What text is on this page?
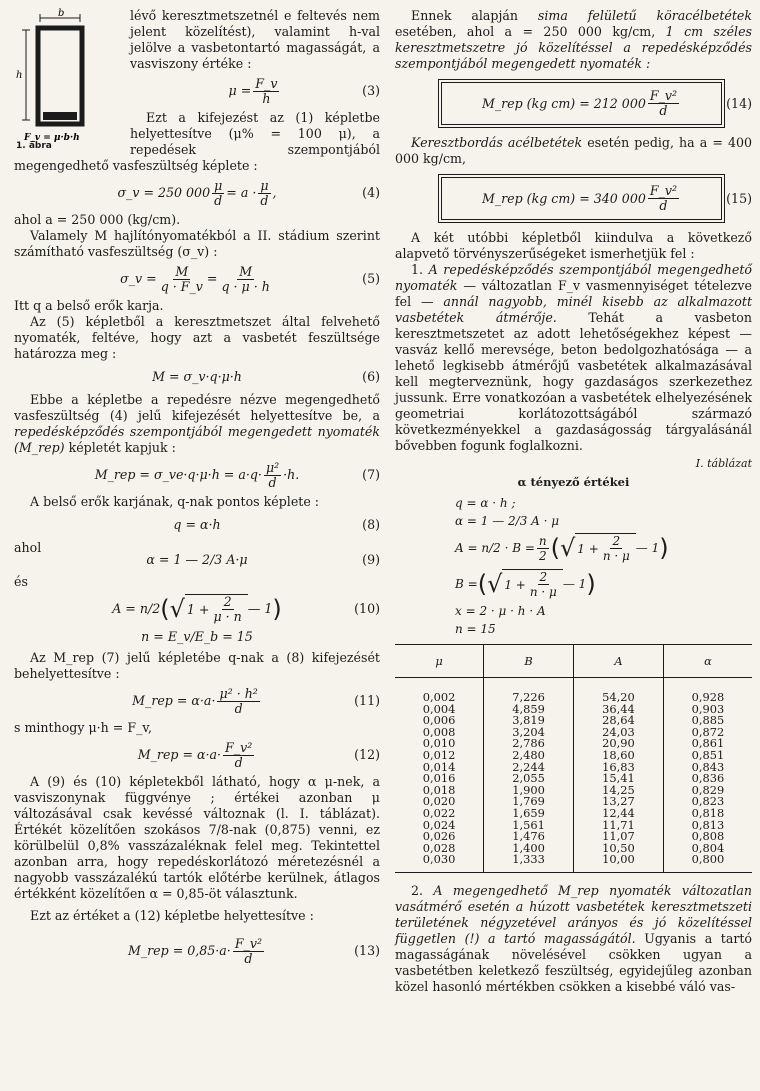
b
h
F_v = μ·b·h
1. ábra

lévő keresztmetszetnél e feltevés nem jelent közelítést), valamint h-val jelölve a vasbetontartó magasságát, a vasviszony értéke :

$\mu = \frac{F\_v}{h}$	(3)

Ezt a kifejezést az (1) képletbe helyettesítve (μ% = 100 μ), a repedések szempontjából megengedhető vasfeszültség képlete :

σ_v = 250 $000 \frac{\mu}{d} = a \cdot \frac{\mu}{d}$ ,	(4)

ahol a = 250 000 (kg/cm).

Valamely M hajlítónyomatékból a II. stádium szerint számítható vasfeszültség (σ_v) :

σ_v = $\frac{M}{q \cdot F\_v} = \frac{M}{q \cdot \mu \cdot h}$	(5)

Itt q a belső erők karja.

Az (5) képletből a keresztmetszet által felvehető nyomaték, feltéve, hogy azt a vasbetét feszültsége határozza meg :

M = σ_v·q·μ·h	(6)

Ebbe a képletbe a repedésre nézve megengedhető vasfeszültség (4) jelű kifejezését helyettesítve be, a repedésképződés szempontjából megengedett nyomaték (M_rep) képletét kapjuk :

M_rep = σ_ve·q·μ·h = $a\cdot q\cdot \frac{\text{μ²}}{d} \cdot h$.	(7)

A belső erők karjának, q-nak pontos képlete :

q = α·h	(8)

ahol

α = 1 — 2/3 A·μ	(9)

és

A = n/2 ( √ $1 + \frac{2}{\mu \cdot n}$ — 1 )	(10)
n = E_v/E_b = 15

Az M_rep (7) jelű képletébe q-nak a (8) kifejezését behelyettesítve :

M_rep = $\alpha\cdot a\cdot \frac{\text{μ² · h²}}{d}$	(11)

s minthogy μ·h = F_v,

M_rep = $\alpha\cdot a\cdot \frac{\text{F\_v²}}{d}$	(12)

A (9) és (10) képletekből látható, hogy α μ-nek, a vasviszonynak függvénye ; értékei azonban μ változásával csak kevéssé változnak (l. I. táblázat). Értékét közelítően szokásos 7/8-nak (0,875) venni, ez körülbelül 0,8% vasszázaléknak felel meg. Tekintettel azonban arra, hogy repedéskorlátozó méretezésnél a nagyobb vasszázalékú tartók előtérbe kerülnek, átlagos értékként közelítően α = 0,85-öt választunk.

Ezt az értéket a (12) képletbe helyettesítve :

M_rep = $0,85\cdot a\cdot \frac{\text{F\_v²}}{d}$	(13)

Ennek alapján sima felületű köracélbetétek esetében, ahol a = 250 000 kg/cm, 1 cm széles keresztmetszetre jó közelítéssel a repedésképződés szempontjából megengedett nyomaték :

M_rep (kg cm) = 212 $000 \frac{\text{F\_v²}}{d}$	(14)

Keresztbordás acélbetétek esetén pedig, ha a = 400 000 kg/cm,

M_rep (kg cm) = 340 $000 \frac{\text{F\_v²}}{d}$	(15)

A két utóbbi képletből kiindulva a következő alapvető törvényszerűségeket ismerhetjük fel :

1. A repedésképződés szempontjából megengedhető nyomaték — változatlan F_v vasmennyiséget tételezve fel — annál nagyobb, minél kisebb az alkalmazott vasbetétek átmérője. Tehát a vasbeton keresztmetszetet az adott lehetőségekhez képest — vasváz kellő merevsége, beton bedolgozhatósága — a lehető legkisebb átmérőjű vasbetétek alkalmazásával kell megterveznünk, hogy gazdaságos szerkezethez jussunk. Erre vonatkozóan a vasbetétek elhelyezésének geometriai korlátozottságából származó következményekkel a gazdaságosság tárgyalásánál bővebben fogunk foglalkozni.

I. táblázat
α tényező értékei
q = α · h ;
α = 1 — 2/3 A · μ
$A = n/2 \cdot B = \frac{n}{2}$ ( √ $1 + \frac{2}{n \cdot \mu}$ — 1 )
B = ( √ $1 + \frac{2}{n \cdot \mu}$ — 1 )
x = 2 · μ · h · A
n = 15
μ	B	A	α
0,002	7,226	54,20	0,928
0,004	4,859	36,44	0,903
0,006	3,819	28,64	0,885
0,008	3,204	24,03	0,872
0,010	2,786	20,90	0,861
0,012	2,480	18,60	0,851
0,014	2,244	16,83	0,843
0,016	2,055	15,41	0,836
0,018	1,900	14,25	0,829
0,020	1,769	13,27	0,823
0,022	1,659	12,44	0,818
0,024	1,561	11,71	0,813
0,026	1,476	11,07	0,808
0,028	1,400	10,50	0,804
0,030	1,333	10,00	0,800

2. A megengedhető M_rep nyomaték változatlan vasátmérő esetén a húzott vasbetétek keresztmetszeti területének négyzetével arányos és jó közelítéssel független (!) a tartó magasságától. Ugyanis a tartó magasságának növelésével csökken ugyan a vasbetétben keletkező feszültség, egyidejűleg azonban közel hasonló mértékben csökken a kisebbé váló vas-
